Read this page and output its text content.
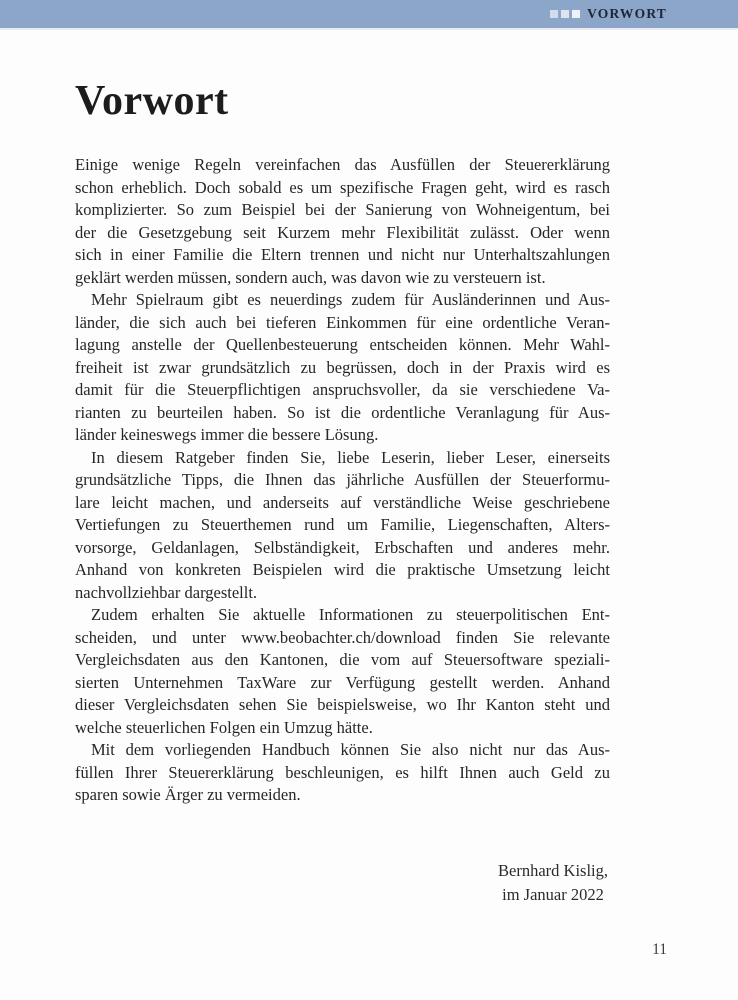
VORWORT
Vorwort
Einige wenige Regeln vereinfachen das Ausfüllen der Steuererklärung
schon erheblich. Doch sobald es um spezifische Fragen geht, wird es rasch
komplizierter. So zum Beispiel bei der Sanierung von Wohneigentum, bei
der die Gesetzgebung seit Kurzem mehr Flexibilität zulässt. Oder wenn
sich in einer Familie die Eltern trennen und nicht nur Unterhaltszahlungen
geklärt werden müssen, sondern auch, was davon wie zu versteuern ist.
Mehr Spielraum gibt es neuerdings zudem für Ausländerinnen und Aus-
länder, die sich auch bei tieferen Einkommen für eine ordentliche Veran-
lagung anstelle der Quellenbesteuerung entscheiden können. Mehr Wahl-
freiheit ist zwar grundsätzlich zu begrüssen, doch in der Praxis wird es
damit für die Steuerpflichtigen anspruchsvoller, da sie verschiedene Va-
rianten zu beurteilen haben. So ist die ordentliche Veranlagung für Aus-
länder keineswegs immer die bessere Lösung.
In diesem Ratgeber finden Sie, liebe Leserin, lieber Leser, einerseits
grundsätzliche Tipps, die Ihnen das jährliche Ausfüllen der Steuerformu-
lare leicht machen, und anderseits auf verständliche Weise geschriebene
Vertiefungen zu Steuerthemen rund um Familie, Liegenschaften, Alters-
vorsorge, Geldanlagen, Selbständigkeit, Erbschaften und anderes mehr.
Anhand von konkreten Beispielen wird die praktische Umsetzung leicht
nachvollziehbar dargestellt.
Zudem erhalten Sie aktuelle Informationen zu steuerpolitischen Ent-
scheiden, und unter www.beobachter.ch/download finden Sie relevante
Vergleichsdaten aus den Kantonen, die vom auf Steuersoftware speziali-
sierten Unternehmen TaxWare zur Verfügung gestellt werden. Anhand
dieser Vergleichsdaten sehen Sie beispielsweise, wo Ihr Kanton steht und
welche steuerlichen Folgen ein Umzug hätte.
Mit dem vorliegenden Handbuch können Sie also nicht nur das Aus-
füllen Ihrer Steuererklärung beschleunigen, es hilft Ihnen auch Geld zu
sparen sowie Ärger zu vermeiden.
Bernhard Kislig,
im Januar 2022
11
